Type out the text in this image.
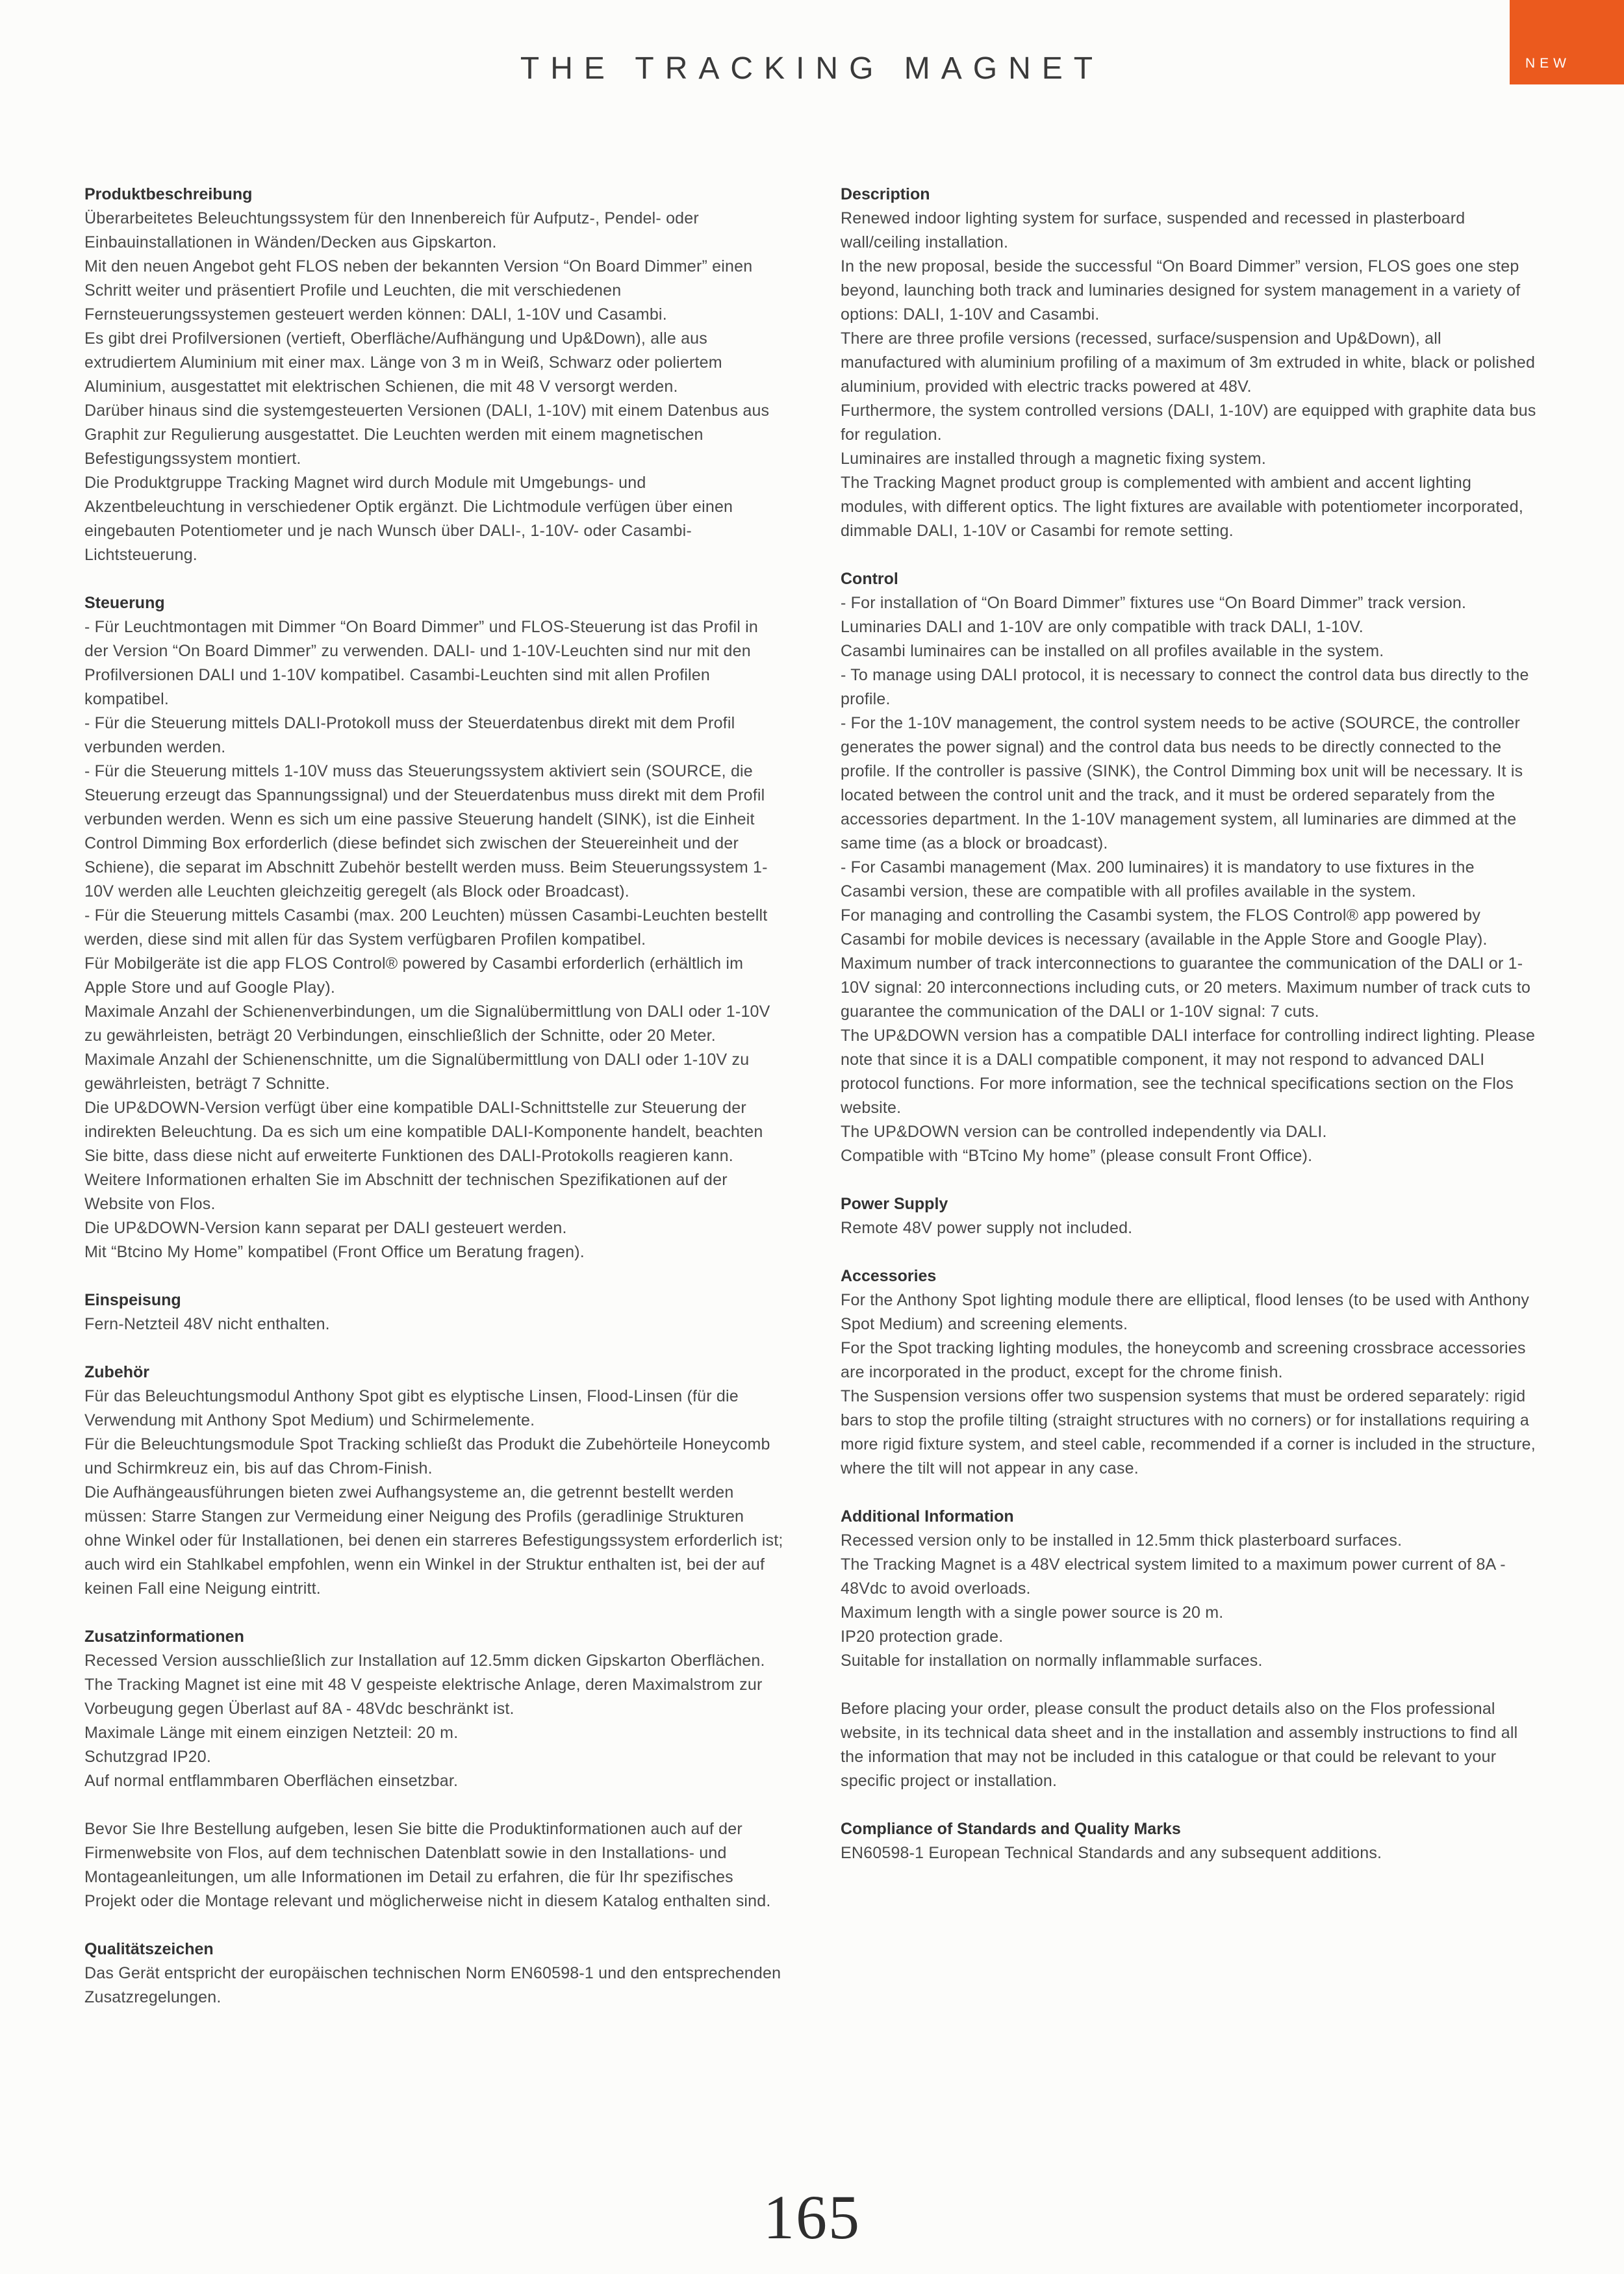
THE TRACKING MAGNET	NEW
Produktbeschreibung

Überarbeitetes Beleuchtungssystem für den Innenbereich für Aufputz-, Pendel- oder Einbauinstallationen in Wänden/Decken aus Gipskarton.

Mit den neuen Angebot geht FLOS neben der bekannten Version “On Board Dimmer” einen Schritt weiter und präsentiert Profile und Leuchten, die mit verschiedenen Fernsteuerungssystemen gesteuert werden können: DALI, 1-10V und Casambi.

Es gibt drei Profilversionen (vertieft, Oberfläche/Aufhängung und Up&Down), alle aus extrudiertem Aluminium mit einer max. Länge von 3 m in Weiß, Schwarz oder poliertem Aluminium, ausgestattet mit elektrischen Schienen, die mit 48 V versorgt werden.

Darüber hinaus sind die systemgesteuerten Versionen (DALI, 1-10V) mit einem Datenbus aus Graphit zur Regulierung ausgestattet. Die Leuchten werden mit einem magnetischen Befestigungssystem montiert.

Die Produktgruppe Tracking Magnet wird durch Module mit Umgebungs- und Akzentbeleuchtung in verschiedener Optik ergänzt. Die Lichtmodule verfügen über einen eingebauten Potentiometer und je nach Wunsch über DALI-, 1-10V- oder Casambi-Lichtsteuerung.

Steuerung

- Für Leuchtmontagen mit Dimmer “On Board Dimmer” und FLOS-Steuerung ist das Profil in der Version “On Board Dimmer” zu verwenden. DALI- und 1-10V-Leuchten sind nur mit den Profilversionen DALI und 1-10V kompatibel. Casambi-Leuchten sind mit allen Profilen kompatibel.

- Für die Steuerung mittels DALI-Protokoll muss der Steuerdatenbus direkt mit dem Profil verbunden werden.

- Für die Steuerung mittels 1-10V muss das Steuerungssystem aktiviert sein (SOURCE, die Steuerung erzeugt das Spannungssignal) und der Steuerdatenbus muss direkt mit dem Profil verbunden werden. Wenn es sich um eine passive Steuerung handelt (SINK), ist die Einheit Control Dimming Box erforderlich (diese befindet sich zwischen der Steuereinheit und der Schiene), die separat im Abschnitt Zubehör bestellt werden muss. Beim Steuerungssystem 1-10V werden alle Leuchten gleichzeitig geregelt (als Block oder Broadcast).

- Für die Steuerung mittels Casambi (max. 200 Leuchten) müssen Casambi-Leuchten bestellt werden, diese sind mit allen für das System verfügbaren Profilen kompatibel.

Für Mobilgeräte ist die app FLOS Control® powered by Casambi erforderlich (erhältlich im Apple Store und auf Google Play).

Maximale Anzahl der Schienenverbindungen, um die Signalübermittlung von DALI oder 1-10V zu gewährleisten, beträgt 20 Verbindungen, einschließlich der Schnitte, oder 20 Meter. Maximale Anzahl der Schienenschnitte, um die Signalübermittlung von DALI oder 1-10V zu gewährleisten, beträgt 7 Schnitte.

Die UP&DOWN-Version verfügt über eine kompatible DALI-Schnittstelle zur Steuerung der indirekten Beleuchtung. Da es sich um eine kompatible DALI-Komponente handelt, beachten Sie bitte, dass diese nicht auf erweiterte Funktionen des DALI-Protokolls reagieren kann. Weitere Informationen erhalten Sie im Abschnitt der technischen Spezifikationen auf der Website von Flos.

Die UP&DOWN-Version kann separat per DALI gesteuert werden.

Mit “Btcino My Home” kompatibel (Front Office um Beratung fragen).

Einspeisung

Fern-Netzteil 48V nicht enthalten.

Zubehör

Für das Beleuchtungsmodul Anthony Spot gibt es elyptische Linsen, Flood-Linsen (für die Verwendung mit Anthony Spot Medium) und Schirmelemente.

Für die Beleuchtungsmodule Spot Tracking schließt das Produkt die Zubehörteile Honeycomb und Schirmkreuz ein, bis auf das Chrom-Finish.

Die Aufhängeausführungen bieten zwei Aufhangsysteme an, die getrennt bestellt werden müssen: Starre Stangen zur Vermeidung einer Neigung des Profils (geradlinige Strukturen ohne Winkel oder für Installationen, bei denen ein starreres Befestigungssystem erforderlich ist; auch wird ein Stahlkabel empfohlen, wenn ein Winkel in der Struktur enthalten ist, bei der auf keinen Fall eine Neigung eintritt.

Zusatzinformationen

Recessed Version ausschließlich zur Installation auf 12.5mm dicken Gipskarton Oberflächen.

The Tracking Magnet ist eine mit 48 V gespeiste elektrische Anlage, deren Maximalstrom zur Vorbeugung gegen Überlast auf 8A - 48Vdc beschränkt ist.

Maximale Länge mit einem einzigen Netzteil: 20 m.

Schutzgrad IP20.

Auf normal entflammbaren Oberflächen einsetzbar.

Bevor Sie Ihre Bestellung aufgeben, lesen Sie bitte die Produktinformationen auch auf der Firmenwebsite von Flos, auf dem technischen Datenblatt sowie in den Installations- und Montageanleitungen, um alle Informationen im Detail zu erfahren, die für Ihr spezifisches Projekt oder die Montage relevant und möglicherweise nicht in diesem Katalog enthalten sind.

Qualitätszeichen

Das Gerät entspricht der europäischen technischen Norm EN60598-1 und den entsprechenden Zusatzregelungen.

Description

Renewed indoor lighting system for surface, suspended and recessed in plasterboard wall/ceiling installation.

In the new proposal, beside the successful “On Board Dimmer” version, FLOS goes one step beyond, launching both track and luminaries designed for system management in a variety of options: DALI, 1-10V and Casambi.

There are three profile versions (recessed, surface/suspension and Up&Down), all manufactured with aluminium profiling of a maximum of 3m extruded in white, black or polished aluminium, provided with electric tracks powered at 48V.

Furthermore, the system controlled versions (DALI, 1-10V) are equipped with graphite data bus for regulation.

Luminaires are installed through a magnetic fixing system.

The Tracking Magnet product group is complemented with ambient and accent lighting modules, with different optics. The light fixtures are available with potentiometer incorporated, dimmable DALI, 1-10V or Casambi for remote setting.

Control

- For installation of “On Board Dimmer” fixtures use “On Board Dimmer” track version. Luminaries DALI and 1-10V are only compatible with track DALI, 1-10V.

Casambi luminaires can be installed on all profiles available in the system.

- To manage using DALI protocol, it is necessary to connect the control data bus directly to the profile.

- For the 1-10V management, the control system needs to be active (SOURCE, the controller generates the power signal) and the control data bus needs to be directly connected to the profile. If the controller is passive (SINK), the Control Dimming box unit will be necessary. It is located between the control unit and the track, and it must be ordered separately from the accessories department. In the 1-10V management system, all luminaries are dimmed at the same time (as a block or broadcast).

- For Casambi management (Max. 200 luminaires) it is mandatory to use fixtures in the Casambi version, these are compatible with all profiles available in the system.

For managing and controlling the Casambi system, the FLOS Control® app powered by Casambi for mobile devices is necessary (available in the Apple Store and Google Play).

Maximum number of track interconnections to guarantee the communication of the DALI or 1-10V signal: 20 interconnections including cuts, or 20 meters. Maximum number of track cuts to guarantee the communication of the DALI or 1-10V signal: 7 cuts.

The UP&DOWN version has a compatible DALI interface for controlling indirect lighting. Please note that since it is a DALI compatible component, it may not respond to advanced DALI protocol functions. For more information, see the technical specifications section on the Flos website.

The UP&DOWN version can be controlled independently via DALI.

Compatible with “BTcino My home” (please consult Front Office).

Power Supply

Remote 48V power supply not included.

Accessories

For the Anthony Spot lighting module there are elliptical, flood lenses (to be used with Anthony Spot Medium) and screening elements.

For the Spot tracking lighting modules, the honeycomb and screening crossbrace accessories are incorporated in the product, except for the chrome finish.

The Suspension versions offer two suspension systems that must be ordered separately: rigid bars to stop the profile tilting (straight structures with no corners) or for installations requiring a more rigid fixture system, and steel cable, recommended if a corner is included in the structure, where the tilt will not appear in any case.

Additional Information

Recessed version only to be installed in 12.5mm thick plasterboard surfaces.

The Tracking Magnet is a 48V electrical system limited to a maximum power current of 8A - 48Vdc to avoid overloads.

Maximum length with a single power source is 20 m.

IP20 protection grade.

Suitable for installation on normally inflammable surfaces.

Before placing your order, please consult the product details also on the Flos professional website, in its technical data sheet and in the installation and assembly instructions to find all the information that may not be included in this catalogue or that could be relevant to your specific project or installation.

Compliance of Standards and Quality Marks

EN60598-1 European Technical Standards and any subsequent additions.

165
